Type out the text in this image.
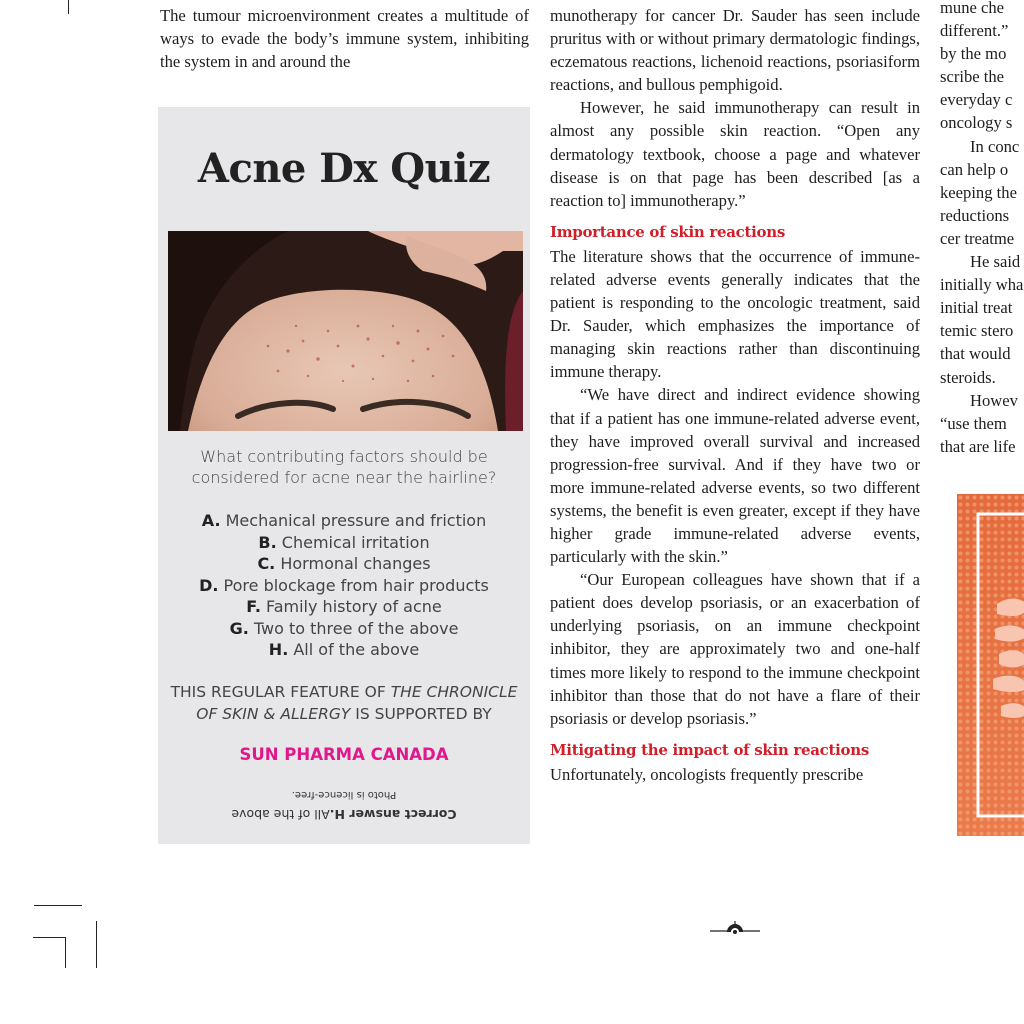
The tumour microenvironment creates a multitude of ways to evade the body’s immune system, inhibiting the system in and around the

Acne Dx Quiz
What contributing factors should be considered for acne near the hairline?
A. Mechanical pressure and friction
B. Chemical irritation
C. Hormonal changes
D. Pore blockage from hair products
F. Family history of acne
G. Two to three of the above
H. All of the above
THIS REGULAR FEATURE OF THE CHRONICLE OF SKIN & ALLERGY IS SUPPORTED BY
SUN PHARMA CANADA
Correct answer H.All of the above
Photo is licence-free.

munotherapy for cancer Dr. Sauder has seen include pruritus with or without primary dermatologic findings, eczematous reactions, lichenoid reactions, psoriasiform reactions, and bullous pemphigoid.

However, he said immunotherapy can result in almost any possible skin reaction. “Open any dermatology textbook, choose a page and whatever disease is on that page has been described [as a reaction to] immunotherapy.”

Importance of skin reactions

The literature shows that the occurrence of immune-related adverse events generally indicates that the patient is responding to the oncologic treatment, said Dr. Sauder, which emphasizes the importance of managing skin reactions rather than discontinuing immune therapy.

“We have direct and indirect evidence showing that if a patient has one immune-related adverse event, they have improved overall survival and increased progression-free survival. And if they have two or more immune-related adverse events, so two different systems, the benefit is even greater, except if they have higher grade immune-related adverse events, particularly with the skin.”

“Our European colleagues have shown that if a patient does develop psoriasis, or an exacerbation of underlying psoriasis, on an immune checkpoint inhibitor, they are approximately two and one-half times more likely to respond to the immune checkpoint inhibitor than those that do not have a flare of their psoriasis or develop psoriasis.”

Mitigating the impact of skin reactions

Unfortunately, oncologists frequently prescribe

mune che
different.”
by the mo
scribe the
everyday c
oncology s
In conc
can help o
keeping the
reductions
cer treatme
He said
initially wha
initial treat
temic stero
that would
steroids.
Howev
“use them
that are life
